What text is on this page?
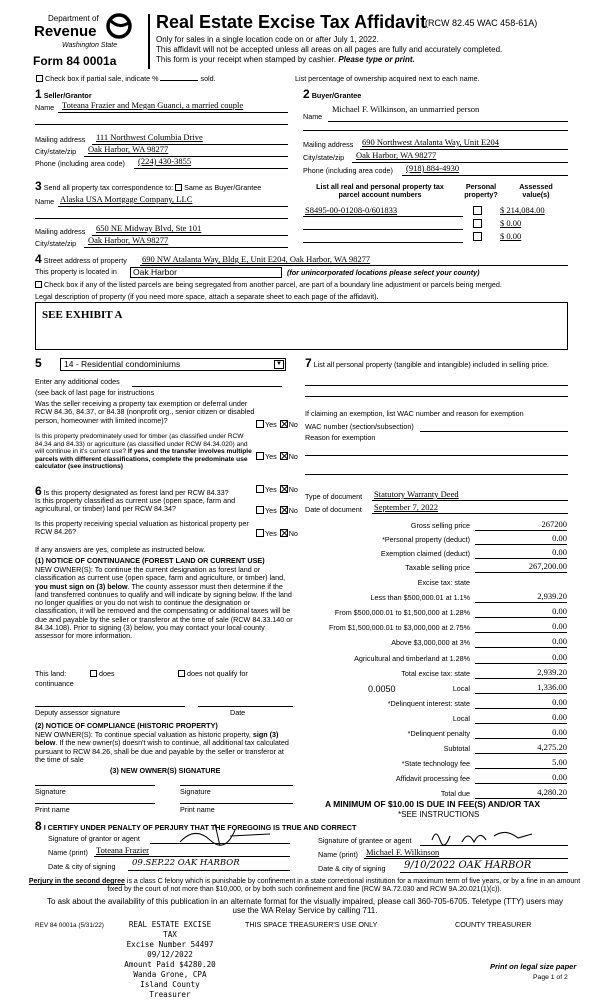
Department of
Revenue
Washington State
Form 84 0001a
Real Estate Excise Tax Affidavit
(RCW 82.45 WAC 458-61A)
Only for sales in a single location code on or after July 1, 2022.
This affidavit will not be accepted unless all areas on all pages are fully and accurately completed.
This form is your receipt when stamped by cashier. Please type or print.
Check box if partial sale, indicate %	sold.	List percentage of ownership acquired next to each name.
1 Seller/Grantor
Name Toteana Frazier and Megan Guanci, a married couple
Mailing address 111 Northwest Columbia Drive
City/state/zip Oak Harbor, WA 98277
Phone (including area code) (224) 430-3855
2 Buyer/Grantee
Name
Michael F. Wilkinson, an unmarried person
Mailing address 690 Northwest Atalanta Way, Unit E204
City/state/zip Oak Harbor, WA 98277
Phone (including area code) (918) 884-4930
3 Send all property tax correspondence to: Same as Buyer/Grantee
Name Alaska USA Mortgage Company, LLC
Mailing address 650 NE Midway Blvd, Ste 101
City/state/zip Oak Harbor, WA 98277
List all real and personal property tax parcel account numbers
Personal property?
Assessed value(s)
S8495-00-01208-0/601833	$ 214,084.00
$ 0.00
$ 0.00
4 Street address of property 690 NW Atalanta Way, Bldg E, Unit E204, Oak Harbor, WA 98277
This property is located in	Oak Harbor	(for unincorporated locations please select your county)
Check box if any of the listed parcels are being segregated from another parcel, are part of a boundary line adjustment or parcels being merged.
Legal description of property (if you need more space, attach a separate sheet to each page of the affidavit).
SEE EXHIBIT A
5	14 - Residential condominiums	▼
Enter any additional codes
(see back of last page for instructions
Was the seller receiving a property tax exemption or deferral under RCW 84.36, 84.37, or 84.38 (nonprofit org., senior citizen or disabled person, homeowner with limited income)?	Yes No
Is this property predominately used for timber (as classified under RCW 84.34 and 84.33) or agriculture (as classified under RCW 84.34.020) and will continue in it's current use? If yes and the transfer involves multiple parcels with different classifications, complete the predominate use calculator (see instructions)
Yes No
7 List all personal property (tangible and intangible) included in selling price.
If claiming an exemption, list WAC number and reason for exemption
WAC number (section/subsection)
Reason for exemption
6 Is this property designated as forest land per RCW 84.33?	Yes No
Is this property classified as current use (open space, farm and agricultural, or timber) land per RCW 84.34?	Yes No
Is this property receiving special valuation as historical property per RCW 84.26?	Yes No
If any answers are yes, complete as instructed below.
(1) NOTICE OF CONTINUANCE (FOREST LAND OR CURRENT USE)
NEW OWNER(S): To continue the current designation as forest land or classification as current use (open space, farm and agriculture, or timber) land, you must sign on (3) below. The county assessor must then determine if the land transferred continues to qualify and will indicate by signing below. If the land no longer qualifies or you do not wish to continue the designation or classification, it will be removed and the compensating or additional taxes will be due and payable by the seller or transferor at the time of sale (RCW 84.33.140 or 84.34.108). Prior to signing (3) below, you may contact your local county assessor for more information.
This land:	does	does not qualify for
continuance
Deputy assessor signature	Date
(2) NOTICE OF COMPLIANCE (HISTORIC PROPERTY)
NEW OWNER(S): To continue special valuation as historic property, sign (3) below. If the new owner(s) doesn't wish to continue, all additional tax calculated pursuant to RCW 84.26, shall be due and payable by the seller or transferor at the time of sale
(3) NEW OWNER(S) SIGNATURE
Signature	Signature
Print name	Print name
Type of document Statutory Warranty Deed
Date of document September 7, 2022
Gross selling price	267200
*Personal property (deduct)	0.00
Exemption claimed (deduct)	0.00
Taxable selling price	267,200.00
Excise tax: state
Less than $500,000.01 at 1.1%	2,939.20
From $500,000.01 to $1,500,000 at 1.28%	0.00
From $1,500,000.01 to $3,000,000 at 2.75%	0.00
Above $3,000,000 at 3%	0.00
Agricultural and timberland at 1.28%	0.00
Total excise tax: state	2,939.20
0.0050	Local	1,336.00
*Delinquent interest: state	0.00
Local	0.00
*Delinquent penalty	0.00
Subtotal	4,275.20
*State technology fee	5.00
Affidavit processing fee	0.00
Total due	4,280.20
A MINIMUM OF $10.00 IS DUE IN FEE(S) AND/OR TAX
*SEE INSTRUCTIONS
8 I CERTIFY UNDER PENALTY OF PERJURY THAT THE FOREGOING IS TRUE AND CORRECT
Signature of grantor or agent
Name (print) Toteana Frazier
Date & city of signing 09.SEP.22 OAK HARBOR
Signature of grantee or agent
Name (print) Michael F. Wilkinson
Date & city of signing 9/10/2022 OAK HARBOR
Perjury in the second degree is a class C felony which is punishable by confinement in a state correctional institution for a maximum term of five years, or by a fine in an amount fixed by the court of not more than $10,000, or by both such confinement and fine (RCW 9A.72.030 and RCW 9A.20.021(1)(c)).
To ask about the availability of this publication in an alternate format for the visually impaired, please call 360-705-6705. Teletype (TTY) users may use the WA Relay Service by calling 711.
REV 84 0001a (5/31/22)	REAL ESTATE EXCISE TAX
Excise Number 54497
09/12/2022
Amount Paid $4280.20
Wanda Grone, CPA
Island County Treasurer
THIS SPACE TREASURER'S USE ONLY	COUNTY TREASURER
Print on legal size paper
Page 1 of 2
